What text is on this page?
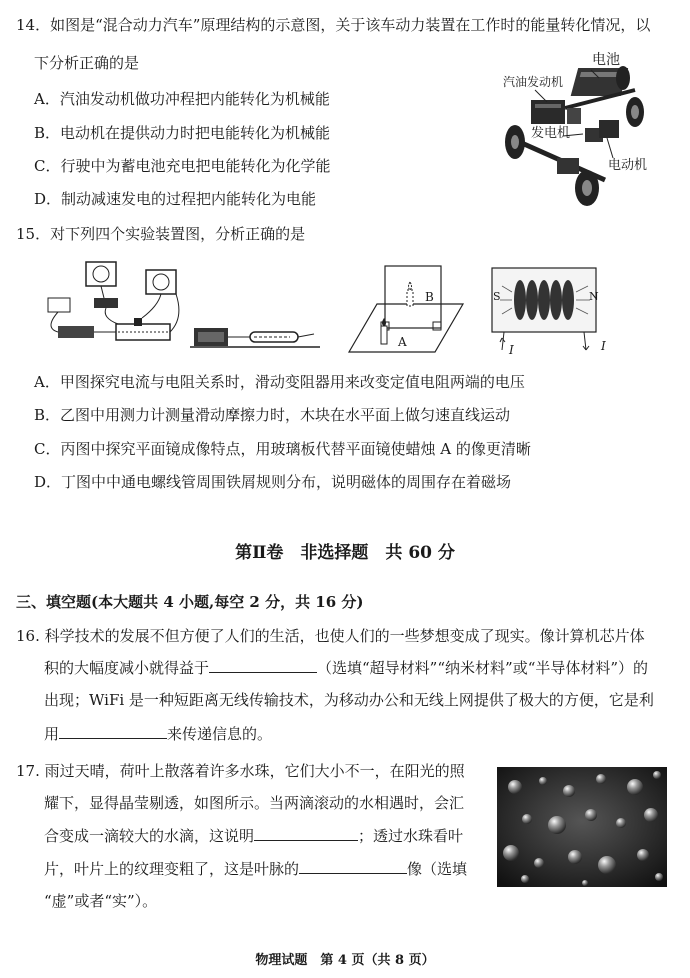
14．如图是“混合动力汽车”原理结构的示意图，关于该车动力装置在工作时的能量转化情况，以
下分析正确的是
A．汽油发动机做功冲程把内能转化为机械能
B．电动机在提供动力时把电能转化为机械能
C．行驶中为蓄电池充电把电能转化为化学能
D．制动减速发电的过程把内能转化为电能
电池
汽油发动机
发电机
电动机
15．对下列四个实验装置图，分析正确的是
A
B	S	N
I	I
A．甲图探究电流与电阻关系时，滑动变阻器用来改变定值电阻两端的电压
B．乙图中用测力计测量滑动摩擦力时，木块在水平面上做匀速直线运动
C．丙图中探究平面镜成像特点，用玻璃板代替平面镜使蜡烛 A 的像更清晰
D．丁图中中通电螺线管周围铁屑规则分布，说明磁体的周围存在着磁场
第Ⅱ卷　非选择题　共 60 分
三、填空题(本大题共 4 小题,每空 2 分，共 16 分)
16. 科学技术的发展不但方便了人们的生活，也使人们的一些梦想变成了现实。像计算机芯片体
积的大幅度减小就得益于	（选填“超导材料”“纳米材料”或“半导体材料”）的
出现；WiFi 是一种短距离无线传输技术，为移动办公和无线上网提供了极大的方便，它是利
用	来传递信息的。
17. 雨过天晴，荷叶上散落着许多水珠，它们大小不一，在阳光的照
耀下，显得晶莹剔透，如图所示。当两滴滚动的水相遇时，会汇
合变成一滴较大的水滴，这说明	；透过水珠看叶
片，叶片上的纹理变粗了，这是叶脉的	像（选填
“虚”或者“实”）。
物理试题　第 4 页（共 8 页）
